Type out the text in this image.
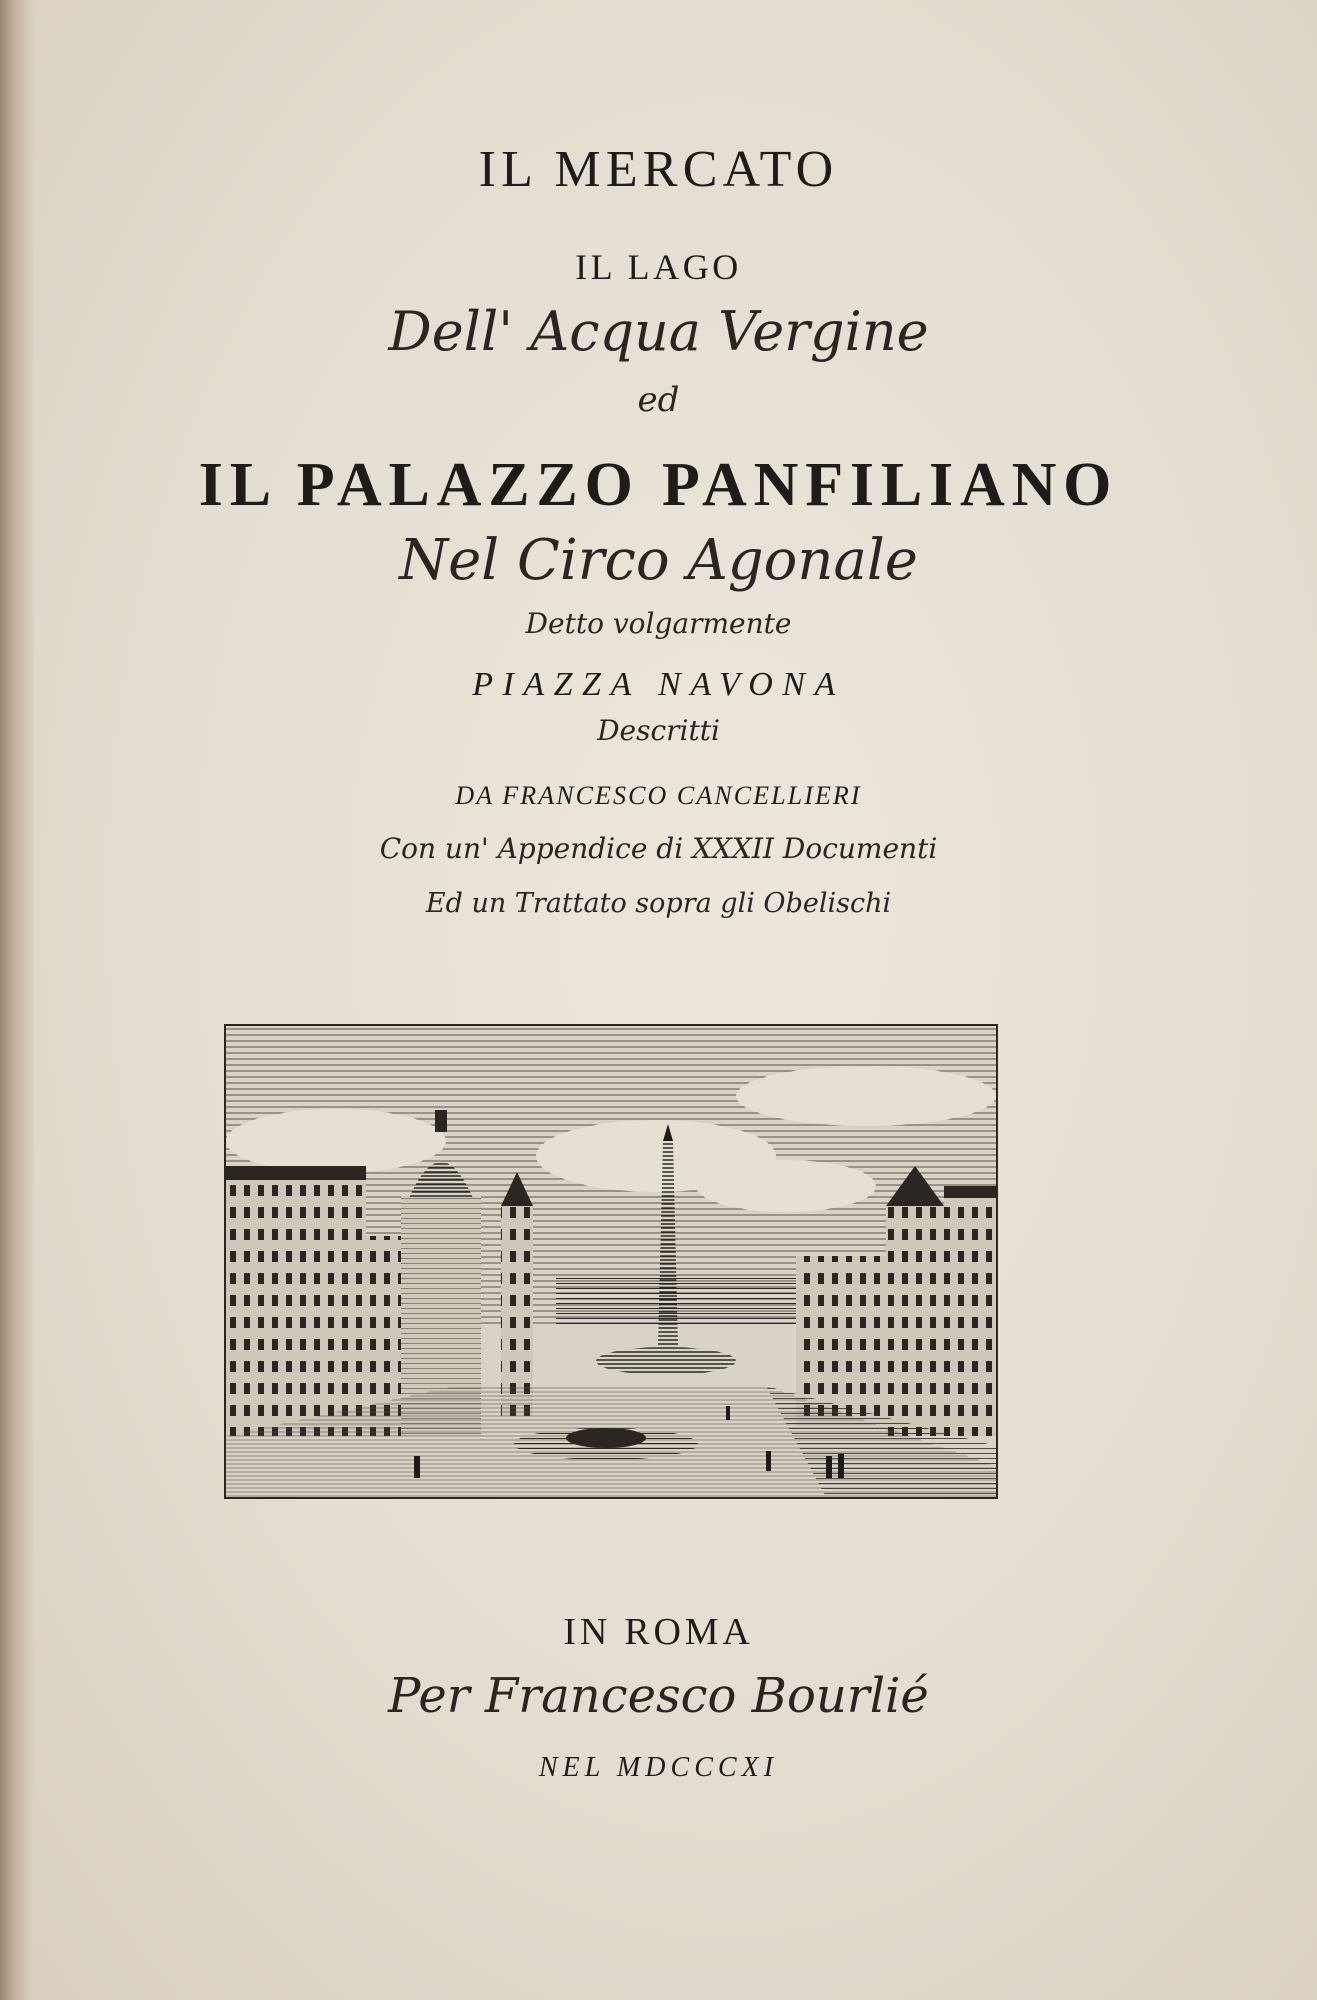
IL MERCATO

IL LAGO

Dell' Acqua Vergine

ed

IL PALAZZO PANFILIANO

Nel Circo Agonale

Detto volgarmente

PIAZZA NAVONA

Descritti

DA FRANCESCO CANCELLIERI

Con un' Appendice di XXXII Documenti

Ed un Trattato sopra gli Obelischi

IN ROMA

Per Francesco Bourlié

NEL MDCCCXI
